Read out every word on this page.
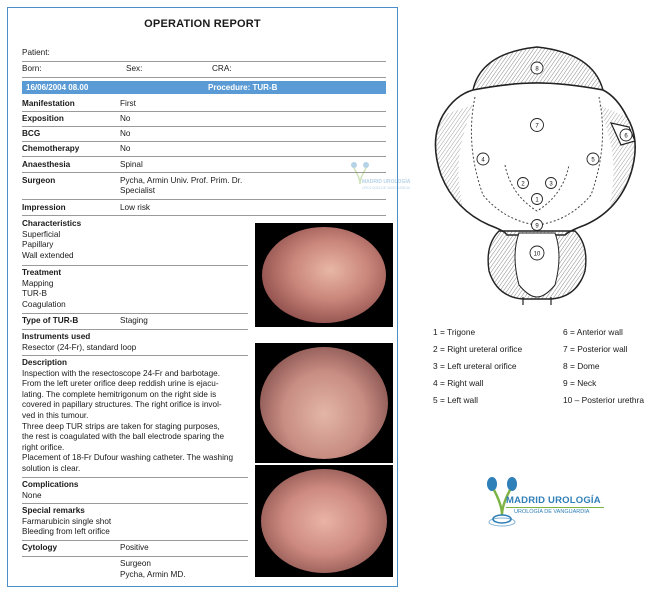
OPERATION REPORT
Patient:
Born:	Sex:	CRA:
16/06/2004 08.00	Procedure: TUR-B
Manifestation	First
Exposition	No
BCG	No
Chemotherapy	No
Anaesthesia	Spinal
Surgeon	Pycha, Armin Univ. Prof. Prim. Dr.
Specialist
Impression	Low risk
Characteristics
Superficial
Papillary
Wall extended
Treatment
Mapping
TUR-B
Coagulation
Type of TUR-B	Staging
Instruments used
Resector (24-Fr), standard loop
Description
Inspection with the resectoscope 24-Fr and barbotage.
From the left ureter orifice deep reddish urine is ejacu-
lating. The complete hemitrigonum on the right side is
covered in papillary structures. The right orifice is invol-
ved in this tumour.
Three deep TUR strips are taken for staging purposes,
the rest is coagulated with the ball electrode sparing the
right orifice.
Placement of 18-Fr Dufour washing catheter. The washing
solution is clear.
Complications
None
Special remarks
Farmarubicin single shot
Bleeding from left orifice
Cytology	Positive
Surgeon
Pycha, Armin MD.
MADRID UROLOGÍA
UROLOGÍA DE VANGUARDIA
8
7
4	5
6
2	3
1
9
10
1 = Trigone
2 = Right ureteral orifice
3 = Left ureteral orifice
4 = Right wall
5 = Left wall
6 = Anterior wall
7 = Posterior wall
8 = Dome
9 = Neck
10 – Posterior urethra
MADRID UROLOGÍA
UROLOGÍA DE VANGUARDIA
